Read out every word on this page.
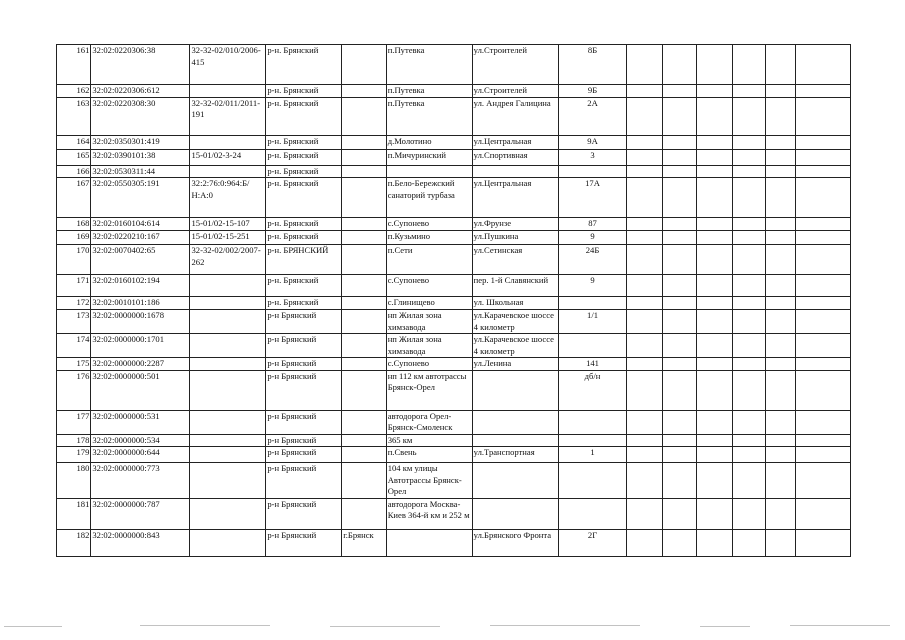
161	32:02:0220306:38	32-32-02/010/2006-415	р-н. Брянский		п.Путевка	ул.Строителей	8Б						
162	32:02:0220306:612		р-н. Брянский		п.Путевка	ул.Строителей	9Б						
163	32:02:0220308:30	32-32-02/011/2011-191	р-н. Брянский		п.Путевка	ул. Андрея Галицина	2А						
164	32:02:0350301:419		р-н. Брянский		д.Молотино	ул.Центральная	9А						
165	32:02:0390101:38	15-01/02-3-24	р-н. Брянский		п.Мичуринский	ул.Спортивная	3						
166	32:02:0530311:44		р-н. Брянский										
167	32:02:0550305:191	32:2:76:0:964:Б/Н:А:0	р-н. Брянский		п.Бело-Бережский санаторий турбаза	ул.Центральная	17А						
168	32:02:0160104:614	15-01/02-15-107	р-н. Брянский		с.Супонево	ул.Фрунзе	87						
169	32:02:0220210:167	15-01/02-15-251	р-н. Брянский		п.Кузьмино	ул.Пушкина	9						
170	32:02:0070402:65	32-32-02/002/2007-262	р-н. БРЯНСКИЙ		п.Сети	ул.Сетинская	24Б						
171	32:02:0160102:194		р-н. Брянский		с.Супонево	пер. 1-й Славянский	9						
172	32:02:0010101:186		р-н. Брянский		с.Глинищево	ул. Школьная							
173	32:02:0000000:1678		р-н Брянский		нп Жилая зона химзавода	ул.Карачевское шоссе 4 километр	1/1						
174	32:02:0000000:1701		р-н Брянский		нп Жилая зона химзавода	ул.Карачевское шоссе 4 километр							
175	32:02:0000000:2287		р-н Брянский		с.Супонево	ул.Ленина	141						
176	32:02:0000000:501		р-н Брянский		нп 112 км автотрассы Брянск-Орел		дб/н						
177	32:02:0000000:531		р-н Брянский		автодорога Орел-Брянск-Смоленск								
178	32:02:0000000:534		р-н Брянский		365 км								
179	32:02:0000000:644		р-н Брянский		п.Свень	ул.Транспортная	1						
180	32:02:0000000:773		р-н Брянский		104 км улицы Автотрассы Брянск-Орел								
181	32:02:0000000:787		р-н Брянский		автодорога Москва-Киев 364-й км и 252 м								
182	32:02:0000000:843		р-н Брянский	г.Брянск		ул.Брянского Фронта	2Г						
